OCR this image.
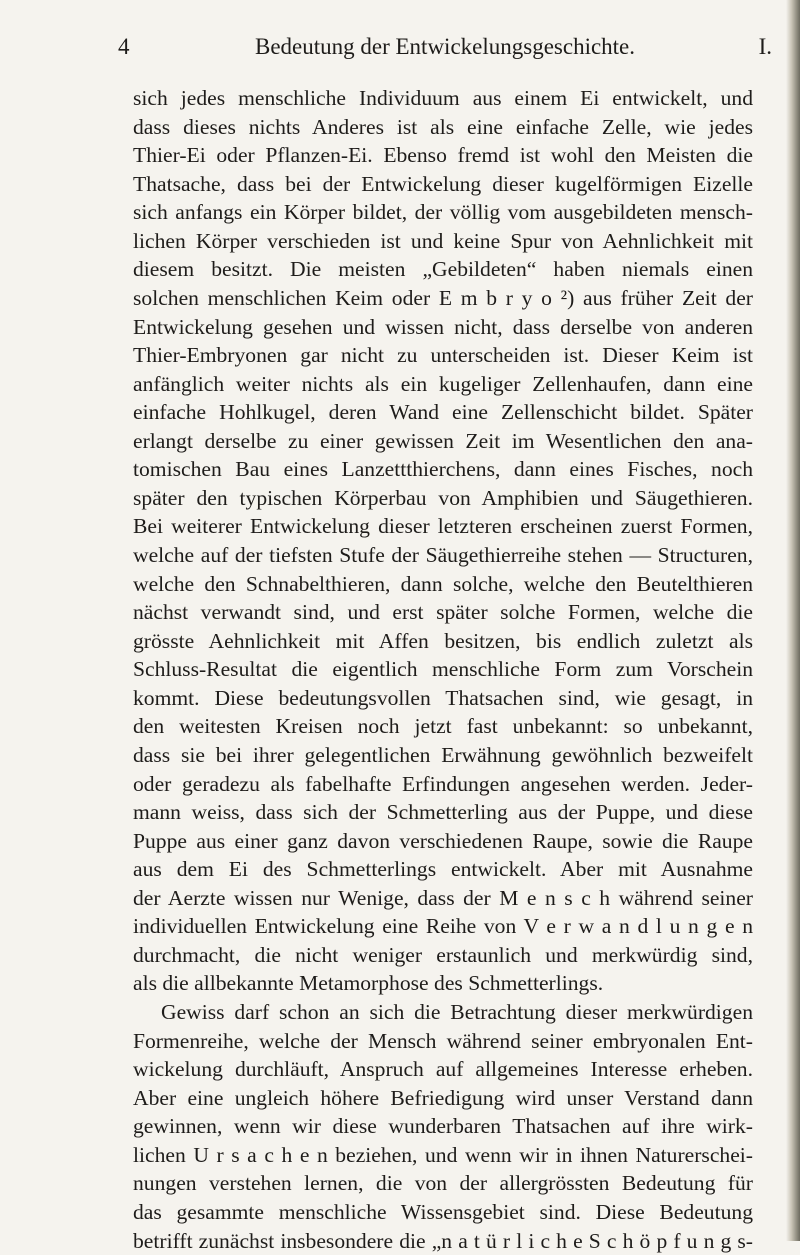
4	Bedeutung der Entwickelungsgeschichte.	I.
sich jedes menschliche Individuum aus einem Ei entwickelt, und
dass dieses nichts Anderes ist als eine einfache Zelle, wie jedes
Thier-Ei oder Pflanzen-Ei. Ebenso fremd ist wohl den Meisten die
Thatsache, dass bei der Entwickelung dieser kugelförmigen Eizelle
sich anfangs ein Körper bildet, der völlig vom ausgebildeten mensch-
lichen Körper verschieden ist und keine Spur von Aehnlichkeit mit
diesem besitzt. Die meisten „Gebildeten“ haben niemals einen
solchen menschlichen Keim oder E m b r y o ²) aus früher Zeit der
Entwickelung gesehen und wissen nicht, dass derselbe von anderen
Thier-Embryonen gar nicht zu unterscheiden ist. Dieser Keim ist
anfänglich weiter nichts als ein kugeliger Zellenhaufen, dann eine
einfache Hohlkugel, deren Wand eine Zellenschicht bildet. Später
erlangt derselbe zu einer gewissen Zeit im Wesentlichen den ana-
tomischen Bau eines Lanzettthierchens, dann eines Fisches, noch
später den typischen Körperbau von Amphibien und Säugethieren.
Bei weiterer Entwickelung dieser letzteren erscheinen zuerst Formen,
welche auf der tiefsten Stufe der Säugethierreihe stehen — Structuren,
welche den Schnabelthieren, dann solche, welche den Beutelthieren
nächst verwandt sind, und erst später solche Formen, welche die
grösste Aehnlichkeit mit Affen besitzen, bis endlich zuletzt als
Schluss-Resultat die eigentlich menschliche Form zum Vorschein
kommt. Diese bedeutungsvollen Thatsachen sind, wie gesagt, in
den weitesten Kreisen noch jetzt fast unbekannt: so unbekannt,
dass sie bei ihrer gelegentlichen Erwähnung gewöhnlich bezweifelt
oder geradezu als fabelhafte Erfindungen angesehen werden. Jeder-
mann weiss, dass sich der Schmetterling aus der Puppe, und diese
Puppe aus einer ganz davon verschiedenen Raupe, sowie die Raupe
aus dem Ei des Schmetterlings entwickelt. Aber mit Ausnahme
der Aerzte wissen nur Wenige, dass der M e n s c h während seiner
individuellen Entwickelung eine Reihe von V e r w a n d l u n g e n
durchmacht, die nicht weniger erstaunlich und merkwürdig sind,
als die allbekannte Metamorphose des Schmetterlings.
Gewiss darf schon an sich die Betrachtung dieser merkwürdigen
Formenreihe, welche der Mensch während seiner embryonalen Ent-
wickelung durchläuft, Anspruch auf allgemeines Interesse erheben.
Aber eine ungleich höhere Befriedigung wird unser Verstand dann
gewinnen, wenn wir diese wunderbaren Thatsachen auf ihre wirk-
lichen U r s a c h e n beziehen, und wenn wir in ihnen Naturerschei-
nungen verstehen lernen, die von der allergrössten Bedeutung für
das gesammte menschliche Wissensgebiet sind. Diese Bedeutung
betrifft zunächst insbesondere die „n a t ü r l i c h e S c h ö p f u n g s-
